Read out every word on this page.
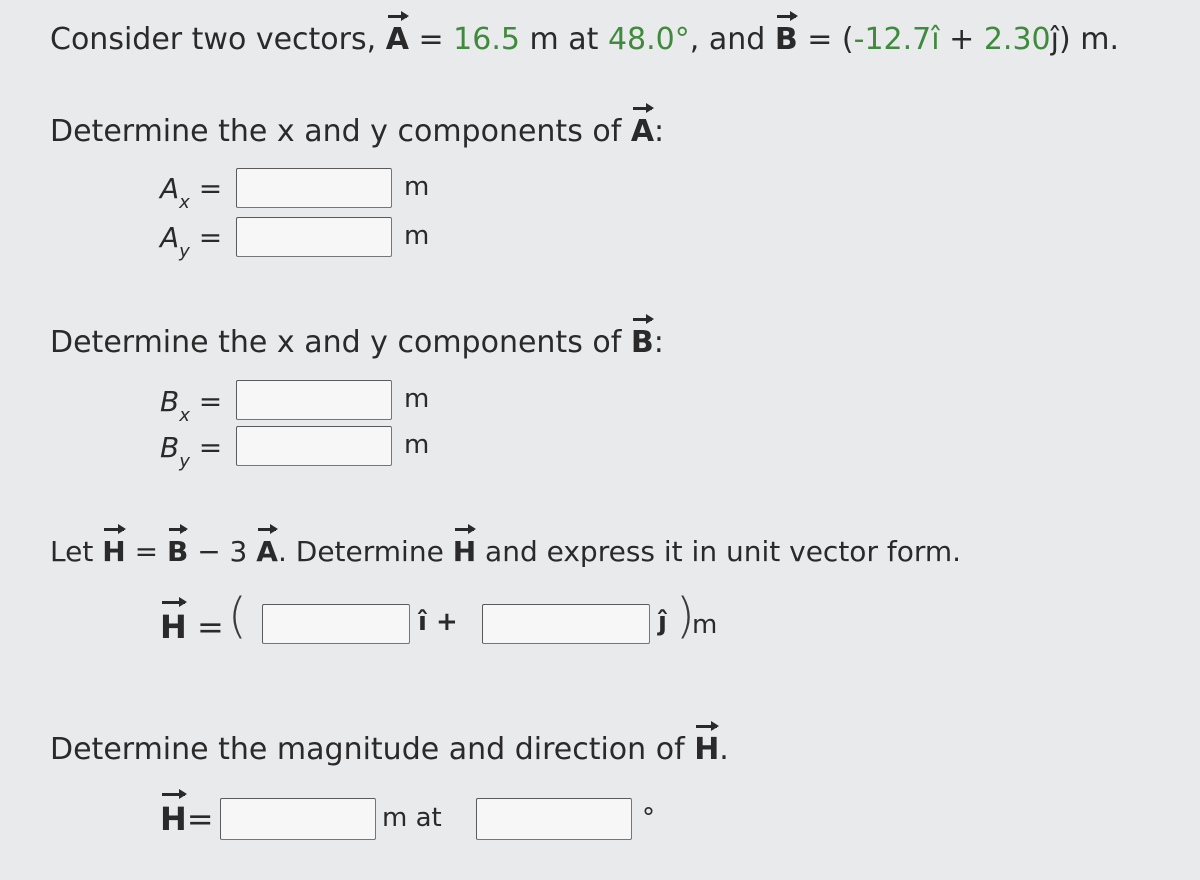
Consider two vectors, A = 16.5 m at 48.0°, and B = (-12.7î + 2.30ĵ) m.
Determine the x and y components of A:
$A_x$ =	m
$A_y$ =	m
Determine the x and y components of B:
$B_x$ =	m
$B_y$ =	m
Let H = B − 3 A. Determine H and express it in unit vector form.
H = (	î +	ĵ )
m
Determine the magnitude and direction of H.
H=	m at	°
